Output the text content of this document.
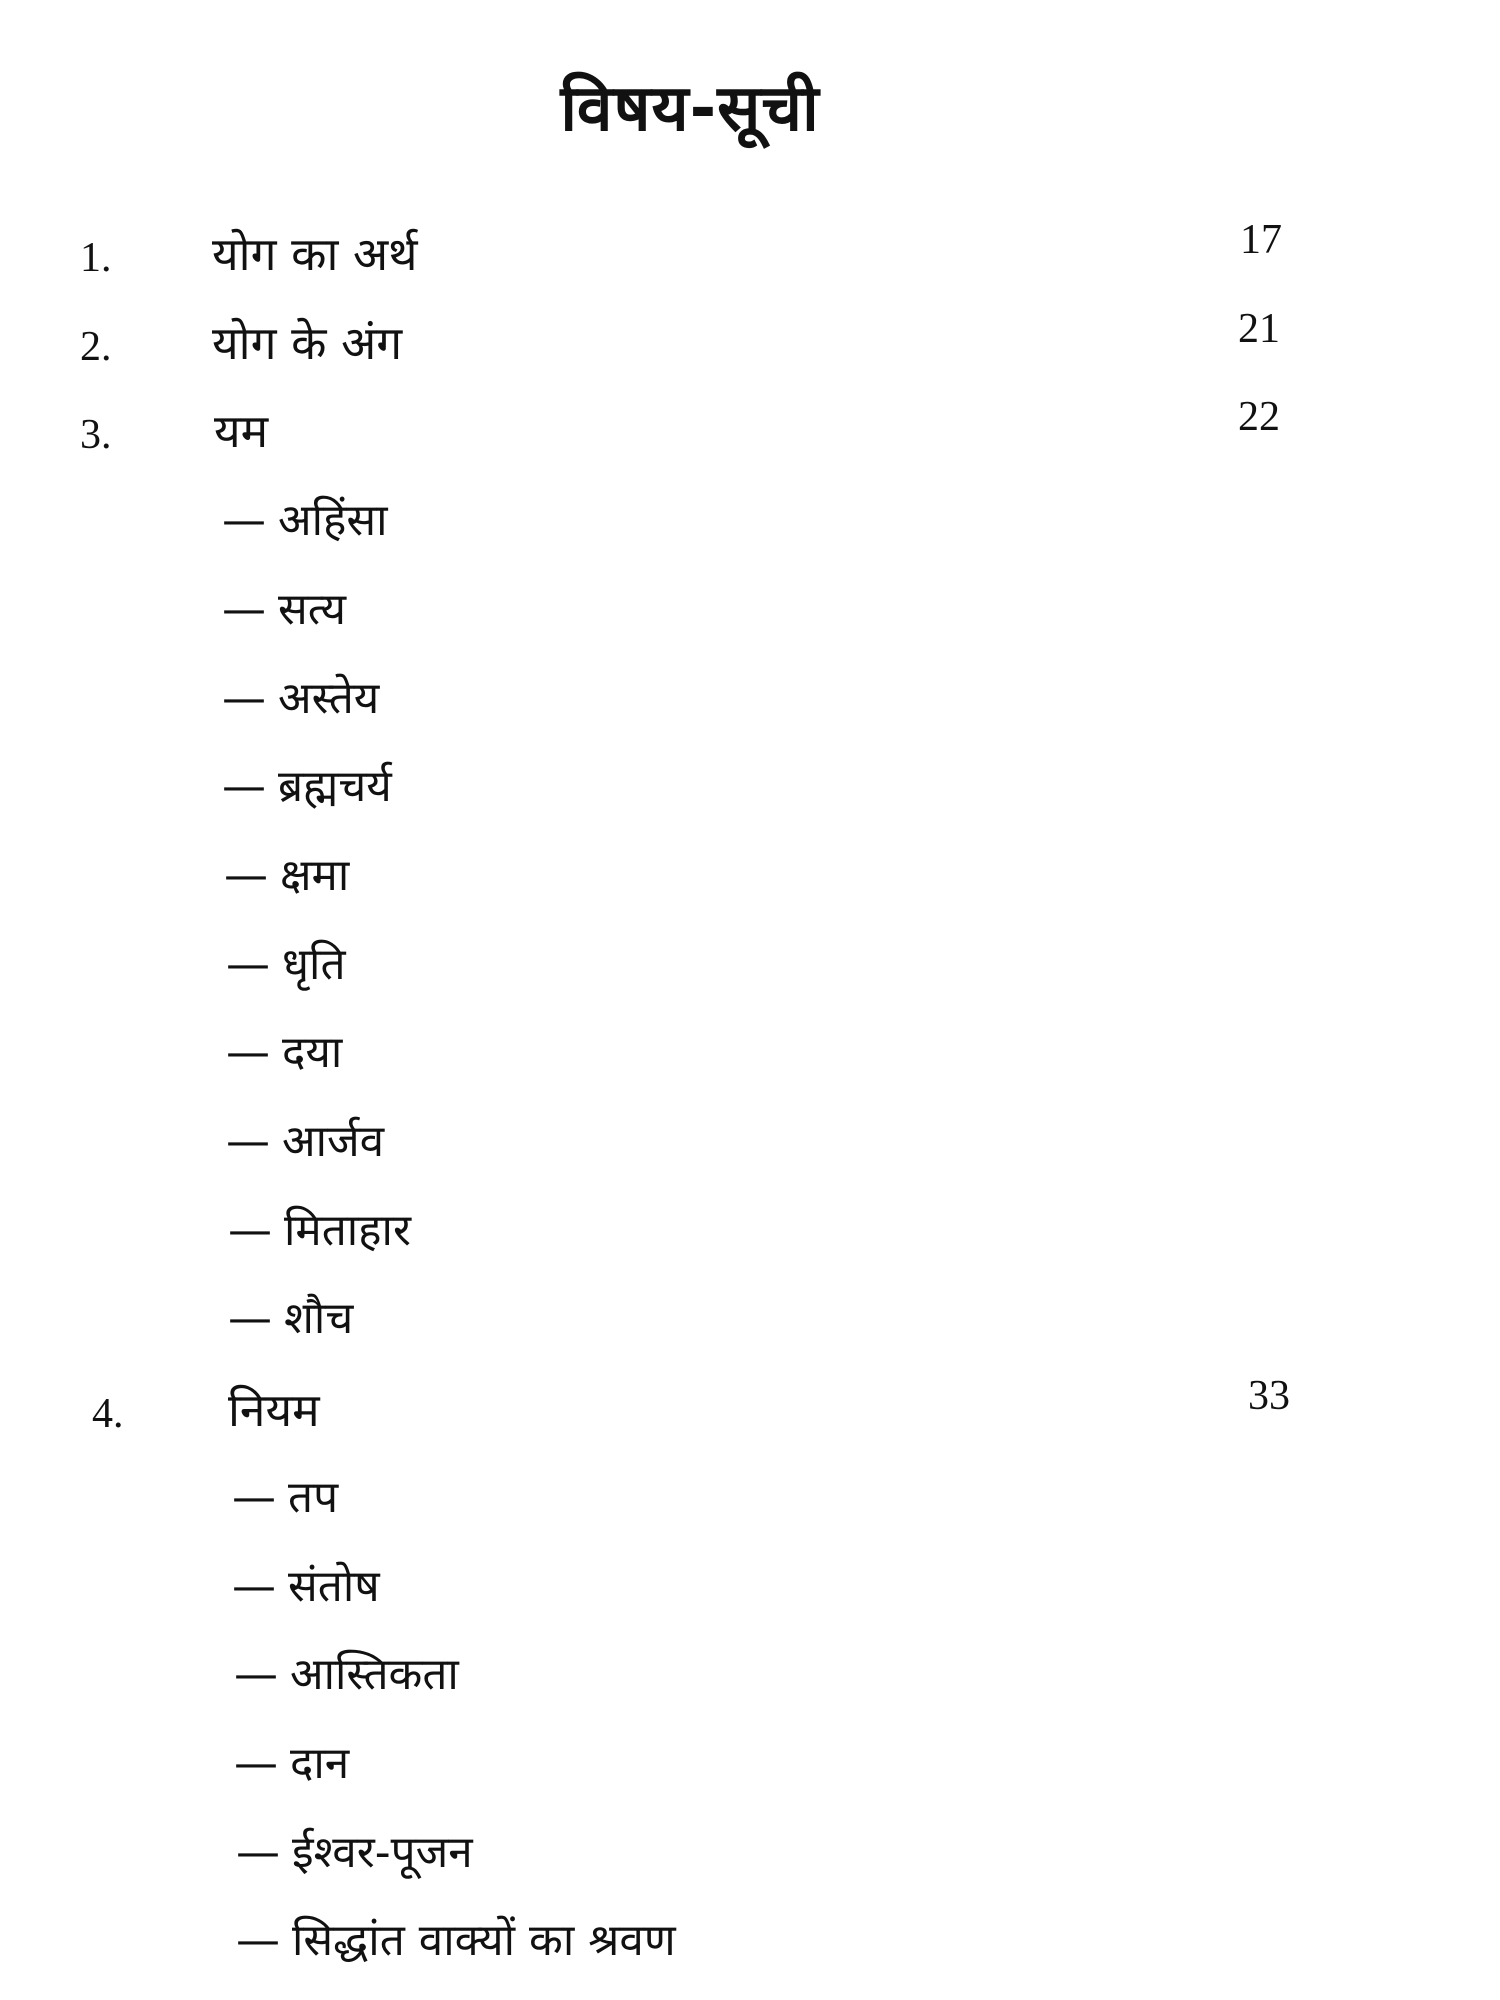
विषय-सूची
1. योग का अर्थ	17
2. योग के अंग	21
3. यम	22
— अहिंसा
— सत्य
— अस्तेय
— ब्रह्मचर्य
— क्षमा
— धृति
— दया
— आर्जव
— मिताहार
— शौच
4. नियम	33
— तप
— संतोष
— आस्तिकता
— दान
— ईश्वर-पूजन
— सिद्धांत वाक्यों का श्रवण
